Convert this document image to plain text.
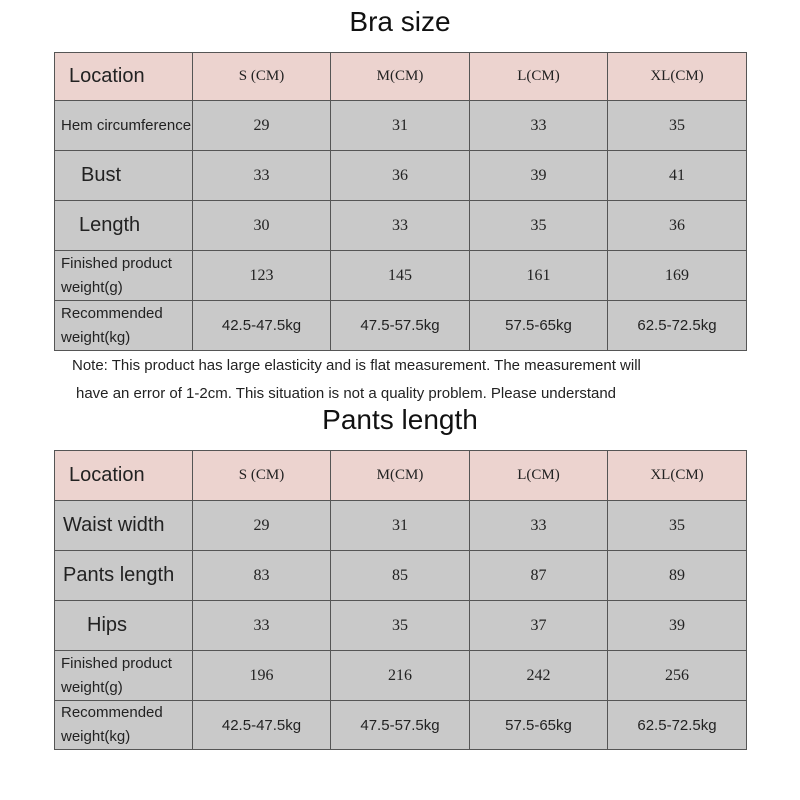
Bra size
Location	S (CM)	M(CM)	L(CM)	XL(CM)
Hem circumference	29	31	33	35
Bust	33	36	39	41
Length	30	33	35	36
Finished product weight(g)	123	145	161	169
Recommended weight(kg)	42.5-47.5kg	47.5-57.5kg	57.5-65kg	62.5-72.5kg
Note: This product has large elasticity and is flat measurement. The measurement will
have an error of 1-2cm. This situation is not a quality problem. Please understand
Pants length
Location	S (CM)	M(CM)	L(CM)	XL(CM)
Waist width	29	31	33	35
Pants length	83	85	87	89
Hips	33	35	37	39
Finished product weight(g)	196	216	242	256
Recommended weight(kg)	42.5-47.5kg	47.5-57.5kg	57.5-65kg	62.5-72.5kg
